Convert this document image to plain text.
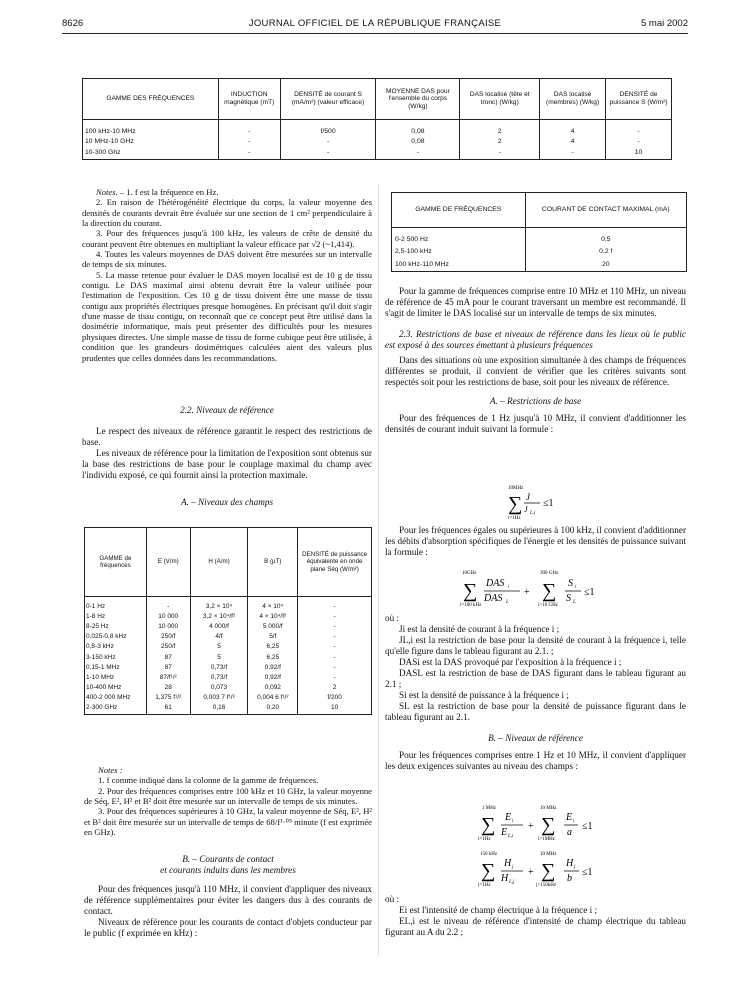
8626	JOURNAL OFFICIEL DE LA RÉPUBLIQUE FRANÇAISE	5 mai 2002
GAMME DES FRÉQUENCES	INDUCTION magnétique (mT)	DENSITÉ de courant S (mA/m²) (valeur efficace)	MOYENNE DAS pour l'ensemble du corps (W/kg)	DAS localisé (tête et tronc) (W/kg)	DAS localisé (membres) (W/kg)	DENSITÉ de puissance S (W/m²)
100 kHz-10 MHz	-	f/500	0,08	2	4	-
10 MHz-10 GHz	-	-	0,08	2	4	-
10-300 Ghz	-	-	-	-	-	10

Notes. – 1. f est la fréquence en Hz.

2. En raison de l'hétérogénéité électrique du corps, la valeur moyenne des densités de courants devrait être évaluée sur une section de 1 cm² perpendiculaire à la direction du courant.

3. Pour des fréquences jusqu'à 100 kHz, les valeurs de crête de densité du courant peuvent être obtenues en multipliant la valeur efficace par √2 (~1,414).

4. Toutes les valeurs moyennes de DAS doivent être mesurées sur un intervalle de temps de six minutes.

5. La masse retenue pour évaluer le DAS moyen localisé est de 10 g de tissu contigu. Le DAS maximal ainsi obtenu devrait être la valeur utilisée pour l'estimation de l'exposition. Ces 10 g de tissu doivent être une masse de tissu contigu aux propriétés électriques presque homogènes. En précisant qu'il doit s'agir d'une masse de tissu contigu, on reconnaît que ce concept peut être utilisé dans la dosimétrie informatique, mais peut présenter des difficultés pour les mesures physiques directes. Une simple masse de tissu de forme cubique peut être utilisée, à condition que les grandeurs dosimétriques calculées aient des valeurs plus prudentes que celles données dans les recommandations.

2.2. Niveaux de référence

Le respect des niveaux de référence garantit le respect des restrictions de base.

Les niveaux de référence pour la limitation de l'exposition sont obtenus sur la base des restrictions de base pour le couplage maximal du champ avec l'individu exposé, ce qui fournit ainsi la protection maximale.

A. – Niveaux des champs

GAMME de fréquences	E (V/m)	H (A/m)	B (µT)	DENSITÉ de puissance équivalente en onde plane Séq (W/m²)
0-1 Hz	-	3,2 × 10⁴	4 × 10⁴	-
1-8 Hz	10 000	3,2 × 10⁴/f²	4 × 10⁴/f²	-
8-25 Hz	10 000	4 000/f	5 000/f	-
0,025-0,8 kHz	250/f	4/f	5/f	-
0,8-3 kHz	250/f	5	6,25	-
3-150 kHz	87	5	6,25	-
0,15-1 MHz	87	0,73/f	0,92/f	-
1-10 MHz	87/f¹/²	0,73/f	0,92/f	-
10-400 MHz	28	0,073	0,092	2
400-2 000 MHz	1,375 f¹/²	0,003 7 f¹/²	0,004 6 f¹/²	f/200
2-300 GHz	61	0,16	0,20	10

Notes :

1. f comme indiqué dans la colonne de la gamme de fréquences.

2. Pour des fréquences comprises entre 100 kHz et 10 GHz, la valeur moyenne de Séq, E², H² et B² doit être mesurée sur un intervalle de temps de six minutes.

3. Pour des fréquences supérieures à 10 GHz, la valeur moyenne de Séq, E², H² et B² doit être mesurée sur un intervalle de temps de 68/f¹·⁰⁵ minute (f est exprimée en GHz).

B. – Courants de contact

et courants induits dans les membres

Pour des fréquences jusqu'à 110 MHz, il convient d'appliquer des niveaux de référence supplémentaires pour éviter les dangers dus à des courants de contact.

Niveaux de référence pour les courants de contact d'objets conducteur par le public (f exprimée en kHz) :

GAMME DE FRÉQUENCES	COURANT DE CONTACT MAXIMAL (mA)
0-2 500 Hz	0,5
2,5-100 kHz	0,2 f
100 kHz-110 MHz	20

Pour la gamme de fréquences comprise entre 10 MHz et 110 MHz, un niveau de référence de 45 mA pour le courant traversant un membre est recommandé. Il s'agit de limiter le DAS localisé sur un intervalle de temps de six minutes.

2.3. Restrictions de base et niveaux de référence dans les lieux où le public est exposé à des sources émettant à plusieurs fréquences

Dans des situations où une exposition simultanée à des champs de fréquences différentes se produit, il convient de vérifier que les critères suivants sont respectés soit pour les restrictions de base, soit pour les niveaux de référence.

A. – Restrictions de base

Pour des fréquences de 1 Hz jusqu'à 10 MHz, il convient d'additionner les densités de courant induit suivant la formule :

10MHz
∑
i=1Hz
J
J L,i
≤1

Pour les fréquences égales ou supérieures à 100 kHz, il convient d'additionner les débits d'absorption spécifiques de l'énergie et les densités de puissance suivant la formule :

10GHz
∑
i=100 kHz
DAS i
DAS L
+
300 GHz
∑
i>10 GHz
S i
S L
≤1

où :

Ji est la densité de courant à la fréquence i ;

JL,i est la restriction de base pour la densité de courant à la fréquence i, telle qu'elle figure dans le tableau figurant au 2.1. ;

DASi est la DAS provoqué par l'exposition à la fréquence i ;

DASL est la restriction de base de DAS figurant dans le tableau figurant au 2.1 ;

Si est la densité de puissance à la fréquence i ;

SL est la restriction de base pour la densité de puissance figurant dans le tableau figurant au 2.1.

B. – Niveaux de référence

Pour les fréquences comprises entre 1 Hz et 10 MHz, il convient d'appliquer les deux exigences suivantes au niveau des champs :

1 MHz
∑
i=1Hz
E i
E L,i
+
10 MHz
∑
i>1MHz
E i
a
≤1
150 kHz
∑
j=1Hz
H j
H L,j
+
10 MHz
∑
j>150kHz
H j
b
≤1

où :

Ei est l'intensité de champ électrique à la fréquence i ;

EL,i est le niveau de référence d'intensité de champ électrique du tableau figurant au A du 2.2 ;
